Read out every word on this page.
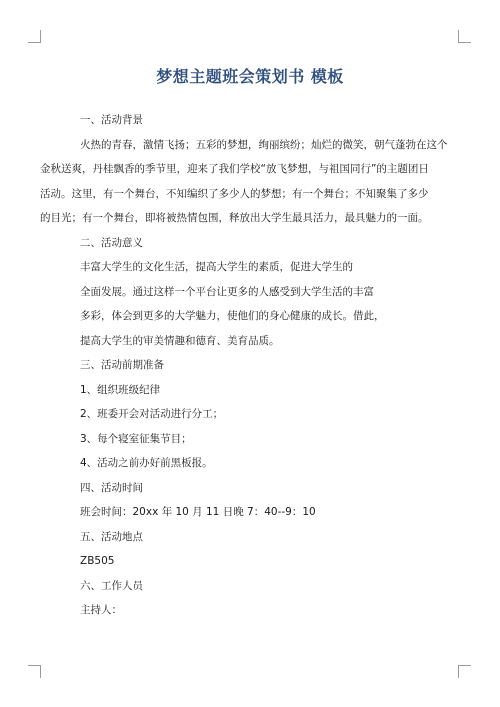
梦想主题班会策划书 模板
一、活动背景
火热的青春，激情飞扬；五彩的梦想，绚丽缤纷；灿烂的微笑，朝气蓬勃在这个
金秋送爽，丹桂飘香的季节里，迎来了我们学校“放飞梦想，与祖国同行”的主题团日
活动。这里，有一个舞台，不知编织了多少人的梦想；有一个舞台；不知聚集了多少
的目光；有一个舞台，即将被热情包围，释放出大学生最具活力，最具魅力的一面。
二、活动意义
丰富大学生的文化生活，提高大学生的素质，促进大学生的
全面发展。通过这样一个平台让更多的人感受到大学生活的丰富
多彩，体会到更多的大学魅力，使他们的身心健康的成长。借此，
提高大学生的审美情趣和德育、美育品质。
三、活动前期准备
1、组织班级纪律
2、班委开会对活动进行分工；
3、每个寝室征集节目；
4、活动之前办好前黑板报。
四、活动时间
班会时间：20xx 年 10 月 11 日晚 7：40--9：10
五、活动地点
ZB505
六、工作人员
主持人：
